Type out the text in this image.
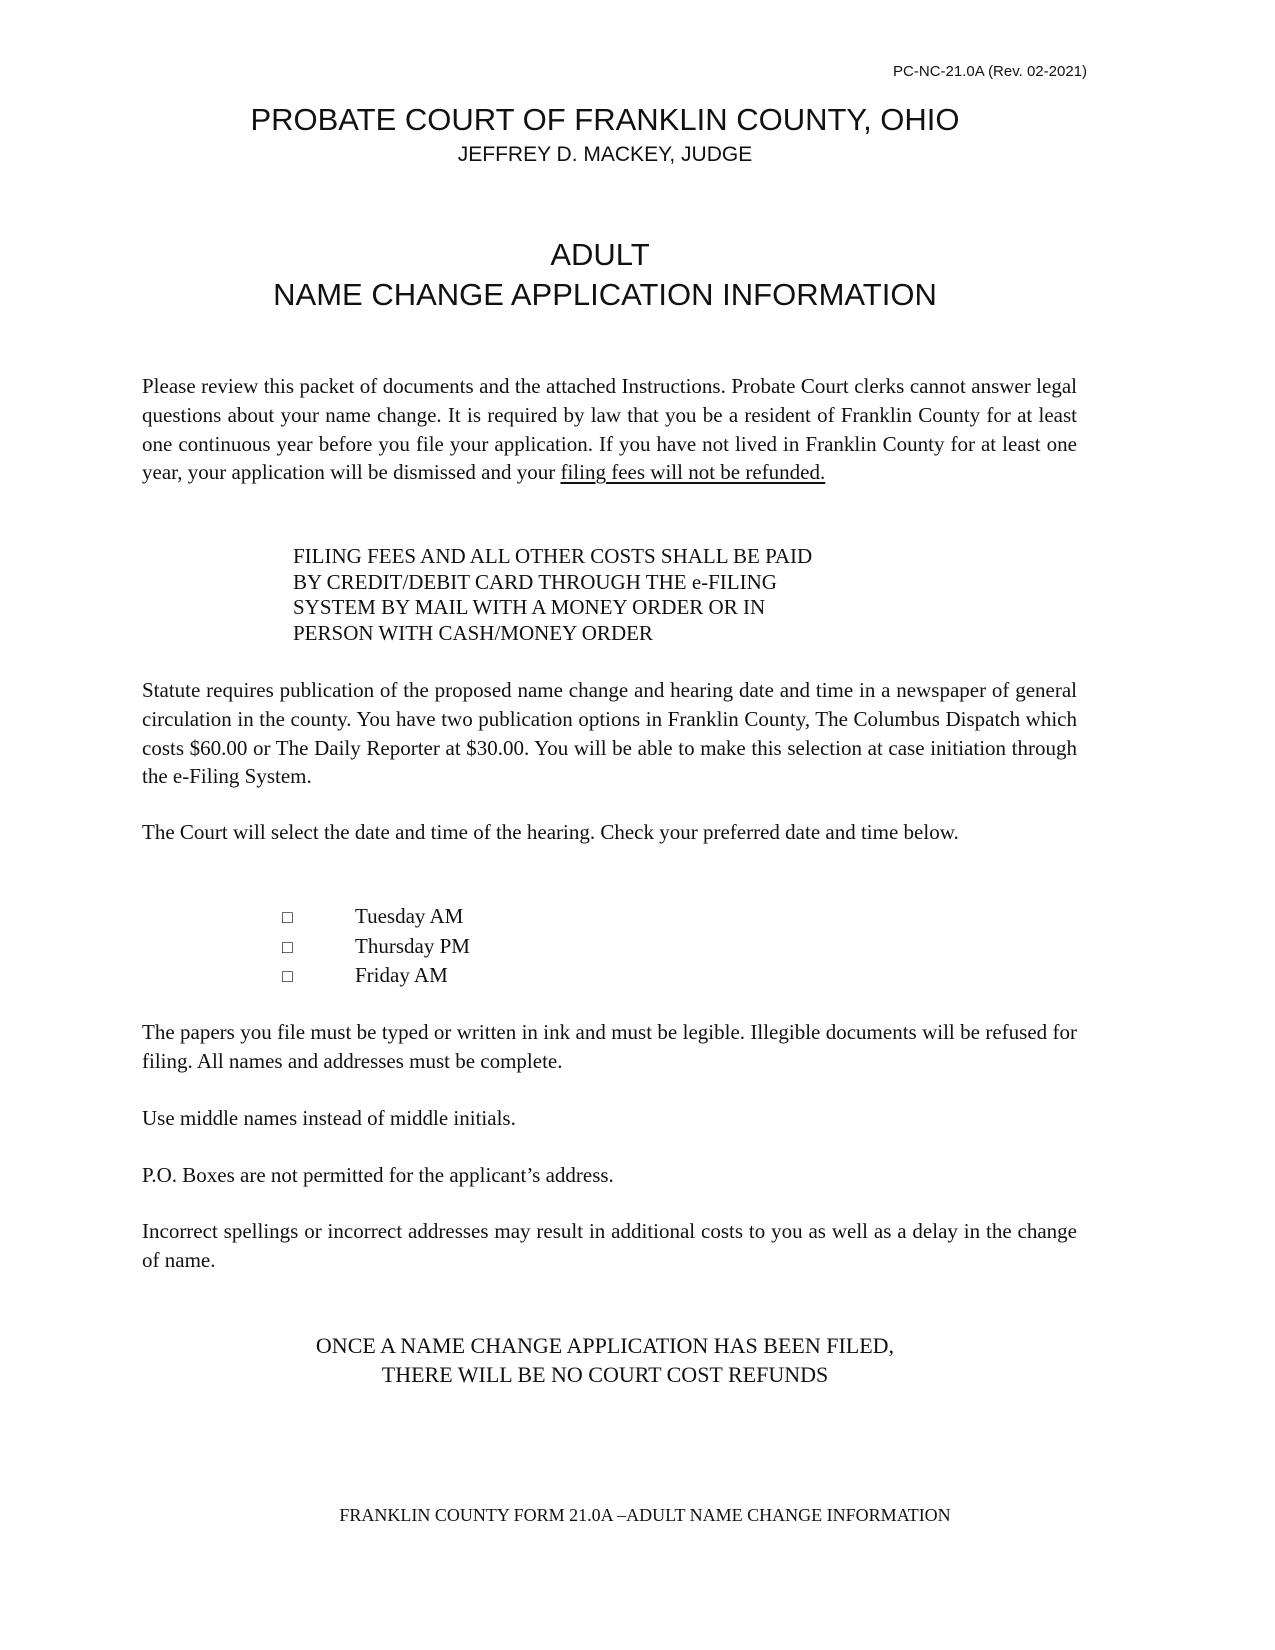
PC-NC-21.0A (Rev. 02-2021)
PROBATE COURT OF FRANKLIN COUNTY, OHIO
JEFFREY D. MACKEY, JUDGE
ADULT
NAME CHANGE APPLICATION INFORMATION
Please review this packet of documents and the attached Instructions. Probate Court clerks cannot answer legal questions about your name change. It is required by law that you be a resident of Franklin County for at least one continuous year before you file your application. If you have not lived in Franklin County for at least one year, your application will be dismissed and your filing fees will not be refunded.
FILING FEES AND ALL OTHER COSTS SHALL BE PAID
BY CREDIT/DEBIT CARD THROUGH THE e-FILING
SYSTEM BY MAIL WITH A MONEY ORDER OR IN
PERSON WITH CASH/MONEY ORDER
Statute requires publication of the proposed name change and hearing date and time in a newspaper of general circulation in the county. You have two publication options in Franklin County, The Columbus Dispatch which costs $60.00 or The Daily Reporter at $30.00. You will be able to make this selection at case initiation through the e-Filing System.
The Court will select the date and time of the hearing. Check your preferred date and time below.
□	Tuesday AM
□	Thursday PM
□	Friday AM
The papers you file must be typed or written in ink and must be legible. Illegible documents will be refused for filing. All names and addresses must be complete.
Use middle names instead of middle initials.
P.O. Boxes are not permitted for the applicant’s address.
Incorrect spellings or incorrect addresses may result in additional costs to you as well as a delay in the change of name.
ONCE A NAME CHANGE APPLICATION HAS BEEN FILED,
THERE WILL BE NO COURT COST REFUNDS
FRANKLIN COUNTY FORM 21.0A –ADULT NAME CHANGE INFORMATION
